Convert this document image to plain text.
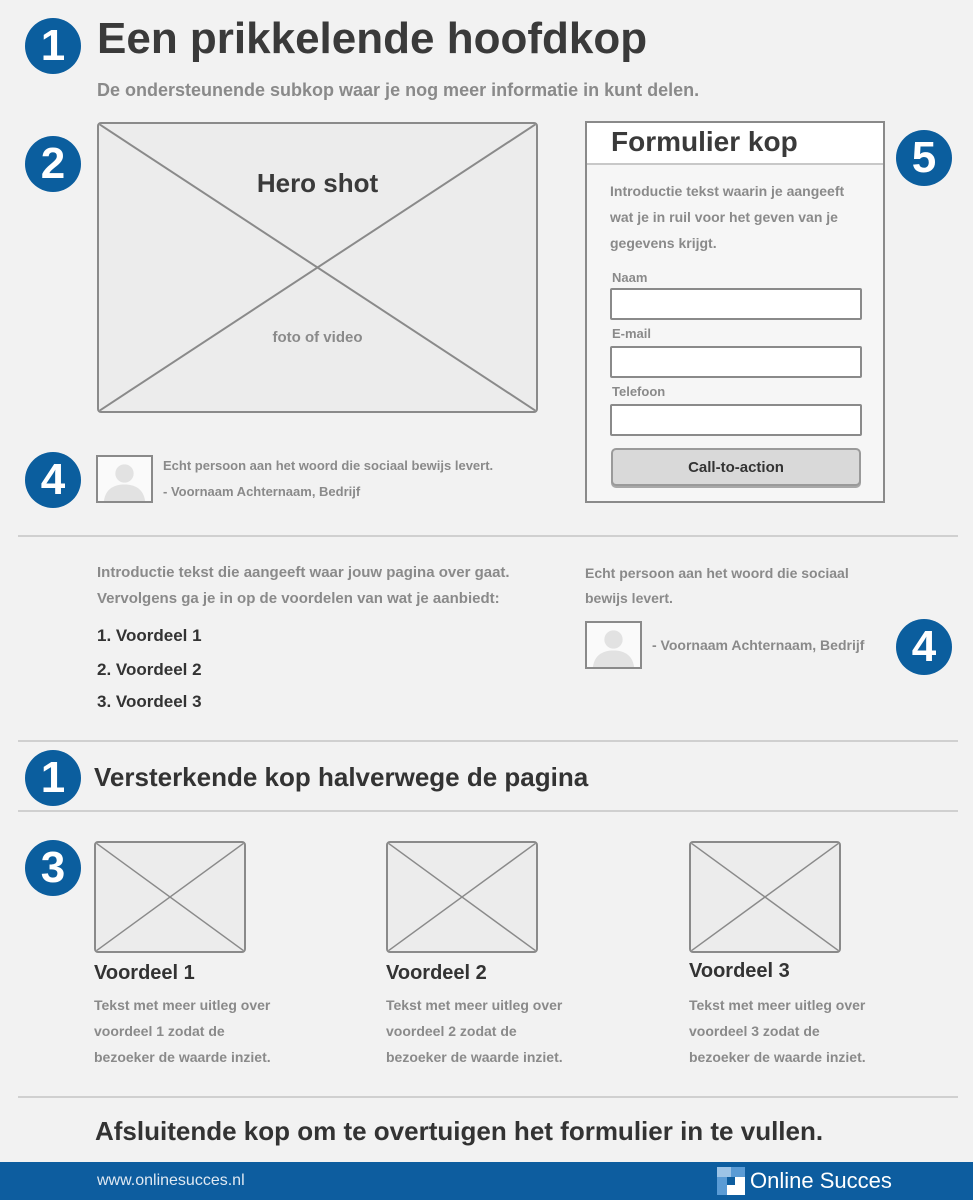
1 Een prikkelende hoofdkop
De ondersteunende subkop waar je nog meer informatie in kunt delen.
2	Hero shot
foto of video
Formulier kop
Introductie tekst waarin je aangeeft
wat je in ruil voor het geven van je
gegevens krijgt.
Naam
E-mail
Telefoon
Call-to-action
5
4	Echt persoon aan het woord die sociaal bewijs levert.
- Voornaam Achternaam, Bedrijf
Introductie tekst die aangeeft waar jouw pagina over gaat.
Vervolgens ga je in op de voordelen van wat je aanbiedt:
1. Voordeel 1
2. Voordeel 2
3. Voordeel 3
Echt persoon aan het woord die sociaal
bewijs levert.
- Voornaam Achternaam, Bedrijf	4
1	Versterkende kop halverwege de pagina
3
Voordeel 1
Tekst met meer uitleg over
voordeel 1 zodat de
bezoeker de waarde inziet.
Voordeel 2
Tekst met meer uitleg over
voordeel 2 zodat de
bezoeker de waarde inziet.
Voordeel 3
Tekst met meer uitleg over
voordeel 3 zodat de
bezoeker de waarde inziet.
Afsluitende kop om te overtuigen het formulier in te vullen.
www.onlinesucces.nl	Online Succes
